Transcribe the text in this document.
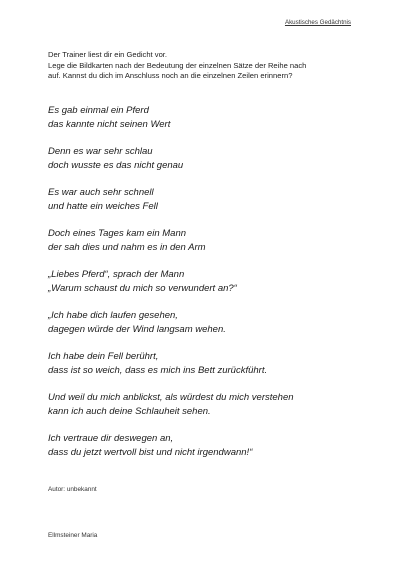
Akustisches Gedächtnis

Der Trainer liest dir ein Gedicht vor.

Lege die Bildkarten nach der Bedeutung der einzelnen Sätze der Reihe nach

auf. Kannst du dich im Anschluss noch an die einzelnen Zeilen erinnern?

Es gab einmal ein Pferd
das kannte nicht seinen Wert
Denn es war sehr schlau
doch wusste es das nicht genau
Es war auch sehr schnell
und hatte ein weiches Fell
Doch eines Tages kam ein Mann
der sah dies und nahm es in den Arm
„Liebes Pferd“, sprach der Mann
„Warum schaust du mich so verwundert an?“
„Ich habe dich laufen gesehen,
dagegen würde der Wind langsam wehen.
Ich habe dein Fell berührt,
dass ist so weich, dass es mich ins Bett zurückführt.
Und weil du mich anblickst, als würdest du mich verstehen
kann ich auch deine Schlauheit sehen.
Ich vertraue dir deswegen an,
dass du jetzt wertvoll bist und nicht irgendwann!“
Autor: unbekannt
Ellmsteiner Maria
